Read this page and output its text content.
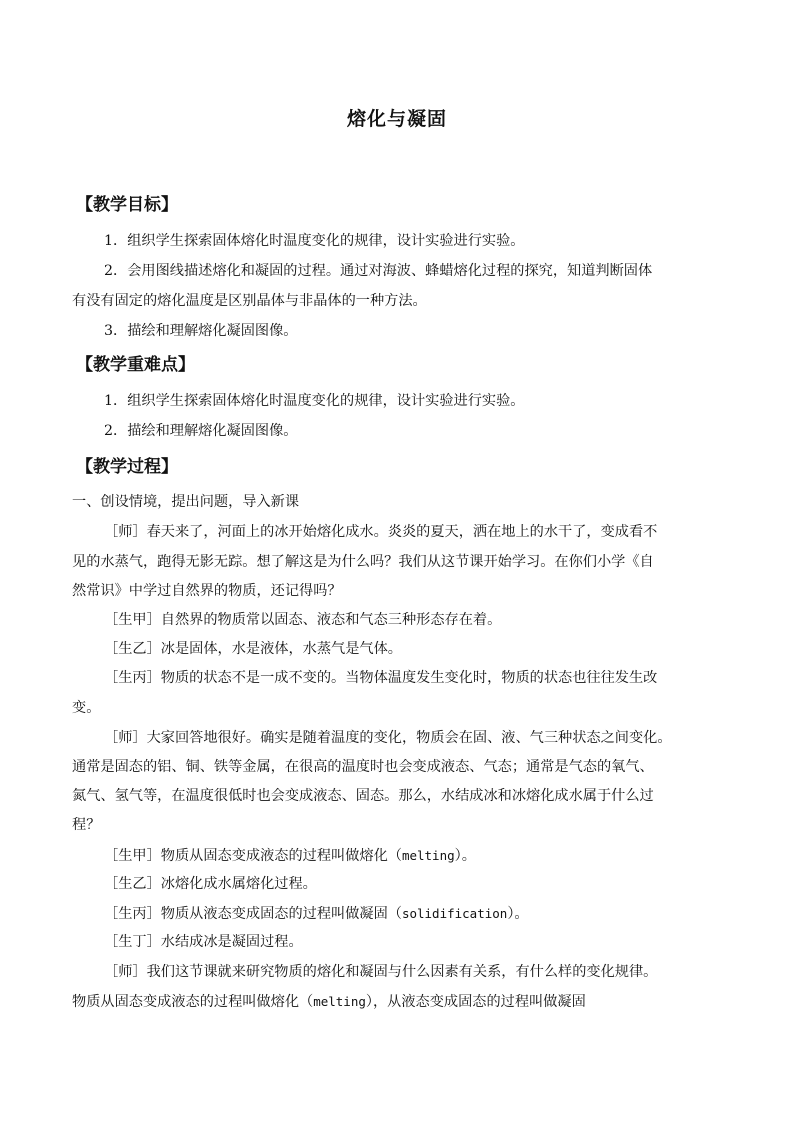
熔化与凝固
【教学目标】
1．组织学生探索固体熔化时温度变化的规律，设计实验进行实验。
2．会用图线描述熔化和凝固的过程。通过对海波、蜂蜡熔化过程的探究，知道判断固体
有没有固定的熔化温度是区别晶体与非晶体的一种方法。
3．描绘和理解熔化凝固图像。
【教学重难点】
1．组织学生探索固体熔化时温度变化的规律，设计实验进行实验。
2．描绘和理解熔化凝固图像。
【教学过程】
一、创设情境，提出问题，导入新课
［师］春天来了，河面上的冰开始熔化成水。炎炎的夏天，洒在地上的水干了，变成看不
见的水蒸气，跑得无影无踪。想了解这是为什么吗？我们从这节课开始学习。在你们小学《自
然常识》中学过自然界的物质，还记得吗？
［生甲］自然界的物质常以固态、液态和气态三种形态存在着。
［生乙］冰是固体，水是液体，水蒸气是气体。
［生丙］物质的状态不是一成不变的。当物体温度发生变化时，物质的状态也往往发生改
变。
［师］大家回答地很好。确实是随着温度的变化，物质会在固、液、气三种状态之间变化。
通常是固态的铝、铜、铁等金属，在很高的温度时也会变成液态、气态；通常是气态的氧气、
氮气、氢气等，在温度很低时也会变成液态、固态。那么，水结成冰和冰熔化成水属于什么过
程？
［生甲］物质从固态变成液态的过程叫做熔化（melting）。
［生乙］冰熔化成水属熔化过程。
［生丙］物质从液态变成固态的过程叫做凝固（solidification）。
［生丁］水结成冰是凝固过程。
［师］我们这节课就来研究物质的熔化和凝固与什么因素有关系，有什么样的变化规律。
物质从固态变成液态的过程叫做熔化（melting），从液态变成固态的过程叫做凝固
